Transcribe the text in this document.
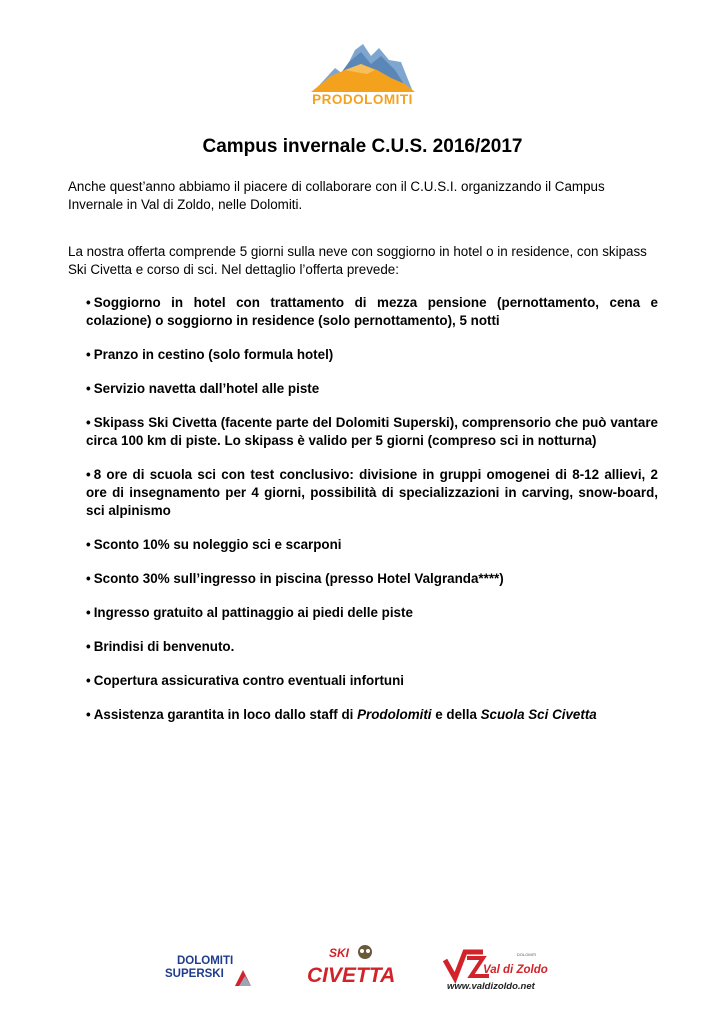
PRODOLOMITI
Campus invernale C.U.S. 2016/2017

Anche quest’anno abbiamo il piacere di collaborare con il C.U.S.I. organizzando il Campus Invernale in Val di Zoldo, nelle Dolomiti.

La nostra offerta comprende 5 giorni sulla neve con soggiorno in hotel o in residence, con skipass Ski Civetta e corso di sci. Nel dettaglio l’offerta prevede:

• Soggiorno in hotel con trattamento di mezza pensione (pernottamento, cena e colazione) o soggiorno in residence (solo pernottamento), 5 notti
• Pranzo in cestino (solo formula hotel)
• Servizio navetta dall’hotel alle piste
• Skipass Ski Civetta (facente parte del Dolomiti Superski), comprensorio che può vantare circa 100 km di piste. Lo skipass è valido per 5 giorni (compreso sci in notturna)
• 8 ore di scuola sci con test conclusivo: divisione in gruppi omogenei di 8-12 allievi, 2 ore di insegnamento per 4 giorni, possibilità di specializzazioni in carving, snow-board, sci alpinismo
• Sconto 10% su noleggio sci e scarponi
• Sconto 30% sull’ingresso in piscina (presso Hotel Valgranda****)
• Ingresso gratuito al pattinaggio ai piedi delle piste
• Brindisi di benvenuto.
• Copertura assicurativa contro eventuali infortuni
• Assistenza garantita in loco dallo staff di Prodolomiti e della Scuola Sci Civetta
DOLOMITI
SUPERSKI
SKI
CIVETTA
DOLOMITI
Val di Zoldo
www.valdizoldo.net
